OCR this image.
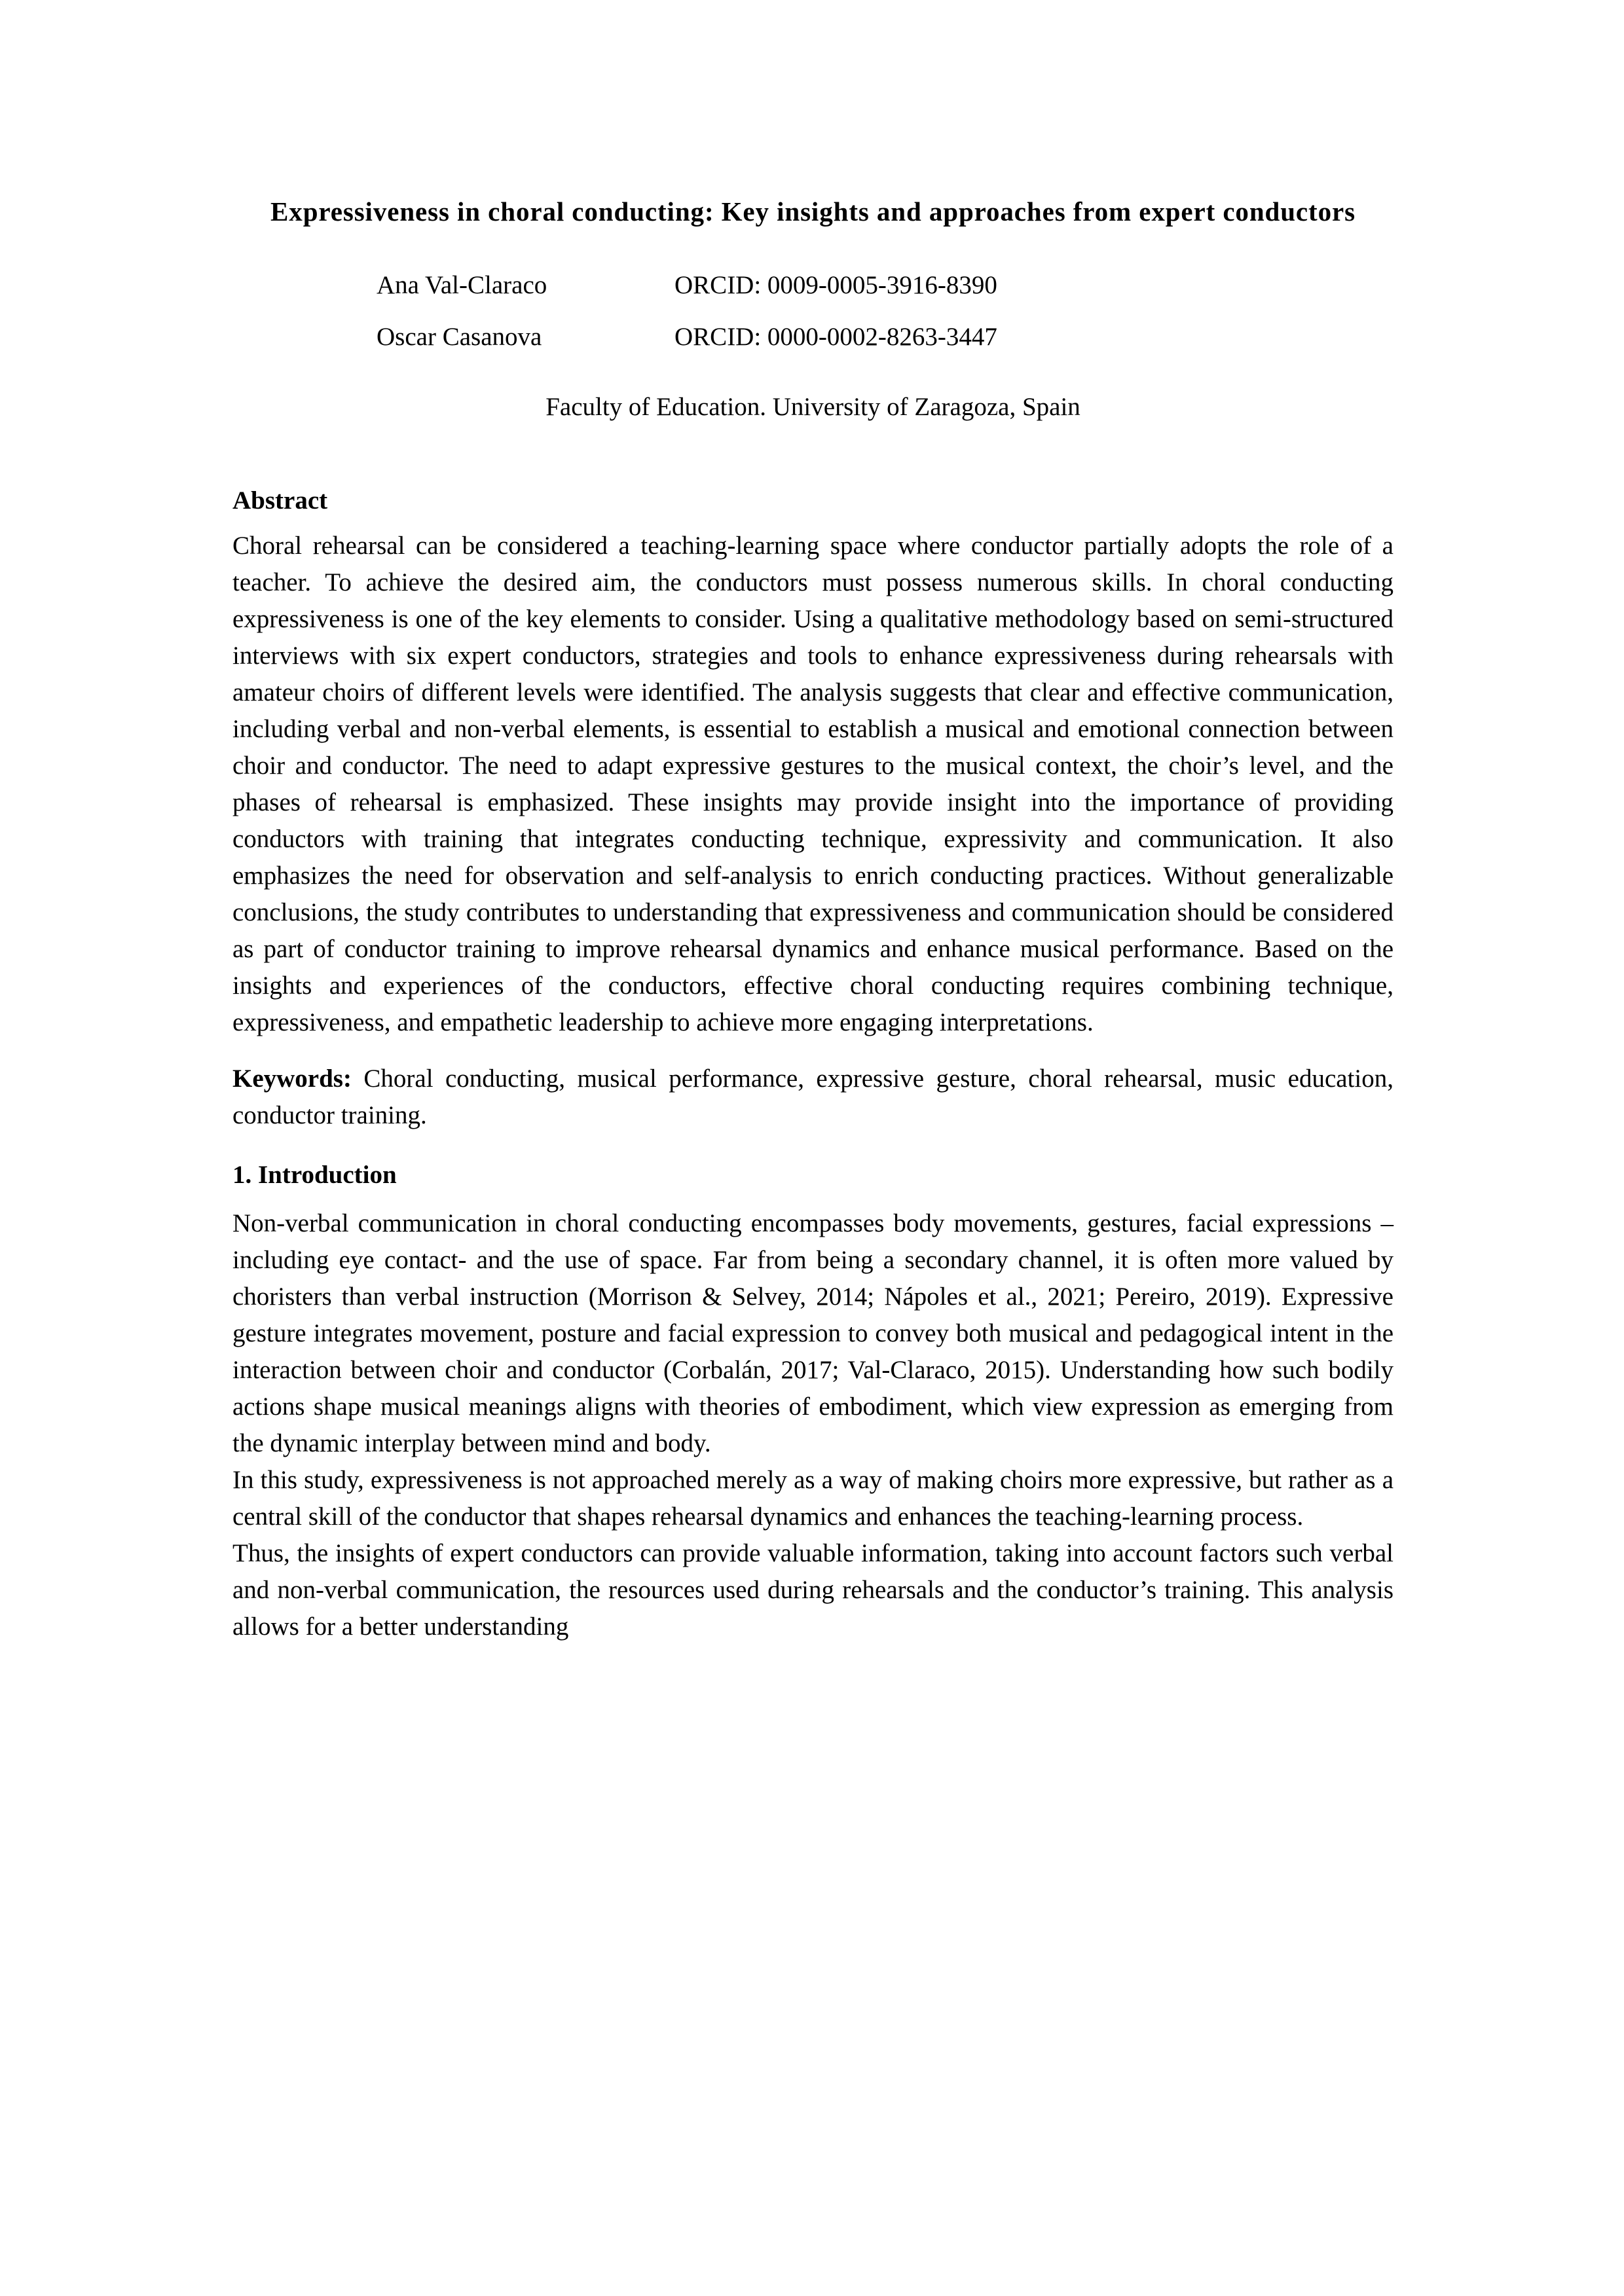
Expressiveness in choral conducting: Key insights and approaches from expert conductors
Ana Val-Claraco	ORCID: 0009-0005-3916-8390
Oscar Casanova	ORCID: 0000-0002-8263-3447
Faculty of Education. University of Zaragoza, Spain
Abstract

Choral rehearsal can be considered a teaching-learning space where conductor partially adopts the role of a teacher. To achieve the desired aim, the conductors must possess numerous skills. In choral conducting expressiveness is one of the key elements to consider. Using a qualitative methodology based on semi-structured interviews with six expert conductors, strategies and tools to enhance expressiveness during rehearsals with amateur choirs of different levels were identified. The analysis suggests that clear and effective communication, including verbal and non-verbal elements, is essential to establish a musical and emotional connection between choir and conductor. The need to adapt expressive gestures to the musical context, the choir’s level, and the phases of rehearsal is emphasized. These insights may provide insight into the importance of providing conductors with training that integrates conducting technique, expressivity and communication. It also emphasizes the need for observation and self-analysis to enrich conducting practices. Without generalizable conclusions, the study contributes to understanding that expressiveness and communication should be considered as part of conductor training to improve rehearsal dynamics and enhance musical performance. Based on the insights and experiences of the conductors, effective choral conducting requires combining technique, expressiveness, and empathetic leadership to achieve more engaging interpretations.

Keywords: Choral conducting, musical performance, expressive gesture, choral rehearsal, music education, conductor training.

1. Introduction

Non-verbal communication in choral conducting encompasses body movements, gestures, facial expressions – including eye contact- and the use of space. Far from being a secondary channel, it is often more valued by choristers than verbal instruction (Morrison & Selvey, 2014; Nápoles et al., 2021; Pereiro, 2019). Expressive gesture integrates movement, posture and facial expression to convey both musical and pedagogical intent in the interaction between choir and conductor (Corbalán, 2017; Val-Claraco, 2015). Understanding how such bodily actions shape musical meanings aligns with theories of embodiment, which view expression as emerging from the dynamic interplay between mind and body.

In this study, expressiveness is not approached merely as a way of making choirs more expressive, but rather as a central skill of the conductor that shapes rehearsal dynamics and enhances the teaching-learning process.

Thus, the insights of expert conductors can provide valuable information, taking into account factors such verbal and non-verbal communication, the resources used during rehearsals and the conductor’s training. This analysis allows for a better understanding
